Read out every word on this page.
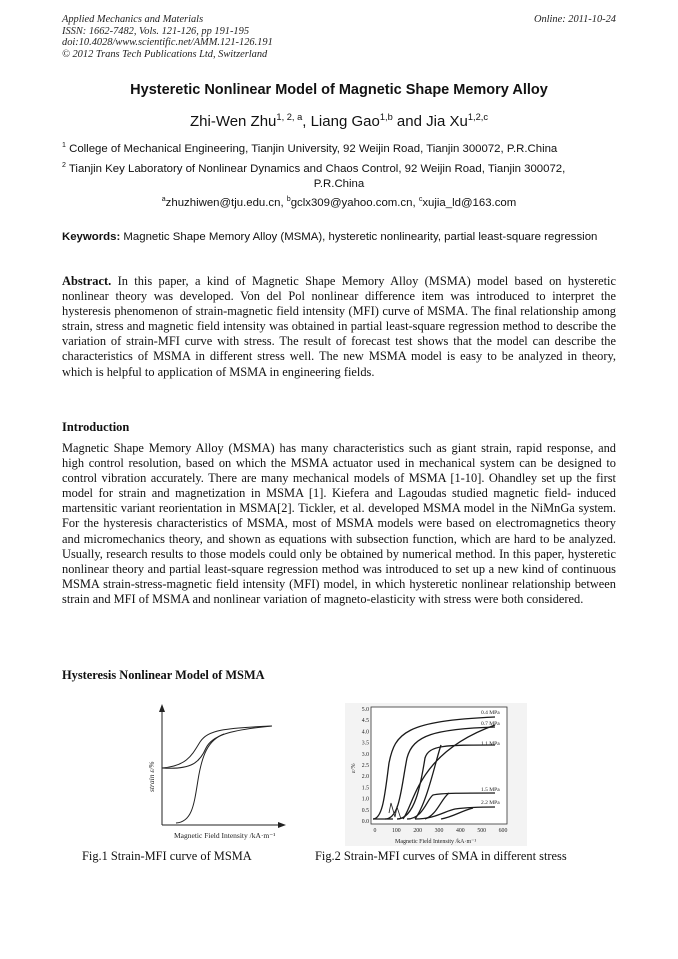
Applied Mechanics and Materials
ISSN: 1662-7482, Vols. 121-126, pp 191-195
doi:10.4028/www.scientific.net/AMM.121-126.191
© 2012 Trans Tech Publications Ltd, Switzerland
Online: 2011-10-24
Hysteretic Nonlinear Model of Magnetic Shape Memory Alloy
Zhi-Wen Zhu$^{1, 2, a}$, Liang Gao$^{1,b}$ and Jia Xu$^{1,2,c}$
$^1$ College of Mechanical Engineering, Tianjin University, 92 Weijin Road, Tianjin 300072, P.R.China
$^2$ Tianjin Key Laboratory of Nonlinear Dynamics and Chaos Control, 92 Weijin Road, Tianjin 300072,
P.R.China
$^a$zhuzhiwen@tju.edu.cn, $^b$gclx309@yahoo.com.cn, $^c$xujia_ld@163.com
Keywords: Magnetic Shape Memory Alloy (MSMA), hysteretic nonlinearity, partial least-square regression
Abstract. In this paper, a kind of Magnetic Shape Memory Alloy (MSMA) model based on hysteretic nonlinear theory was developed. Von del Pol nonlinear difference item was introduced to interpret the hysteresis phenomenon of strain-magnetic field intensity (MFI) curve of MSMA. The final relationship among strain, stress and magnetic field intensity was obtained in partial least-square regression method to describe the variation of strain-MFI curve with stress. The result of forecast test shows that the model can describe the characteristics of MSMA in different stress well. The new MSMA model is easy to be analyzed in theory, which is helpful to application of MSMA in engineering fields.
Introduction
Magnetic Shape Memory Alloy (MSMA) has many characteristics such as giant strain, rapid response, and high control resolution, based on which the MSMA actuator used in mechanical system can be designed to control vibration accurately. There are many mechanical models of MSMA [1-10]. Ohandley set up the first model for strain and magnetization in MSMA [1]. Kiefera and Lagoudas studied magnetic field- induced martensitic variant reorientation in MSMA[2]. Tickler, et al. developed MSMA model in the NiMnGa system. For the hysteresis characteristics of MSMA, most of MSMA models were based on electromagnetics theory and micromechanics theory, and shown as equations with subsection function, which are hard to be analyzed. Usually, research results to those models could only be obtained by numerical method. In this paper, hysteretic nonlinear theory and partial least-square regression method was introduced to set up a new kind of continuous MSMA strain-stress-magnetic field intensity (MFI) model, in which hysteretic nonlinear relationship between strain and MFI of MSMA and nonlinear variation of magneto-elasticity with stress were both considered.
Hysteresis Nonlinear Model of MSMA
strain ε/%
Magnetic Field Intensity /kA·m⁻¹
0.0
0.5
1.0
1.5
2.0
2.5
3.0
3.5
4.0
4.5
5.0
0	100 200 300 400 500 600
0.4 MPa
0.7 MPa
1.1 MPa
1.5 MPa
2.2 MPa
ε/%
Magnetic Field Intensity /kA·m⁻¹
Fig.1 Strain-MFI curve of MSMA	Fig.2 Strain-MFI curves of SMA in different stress
